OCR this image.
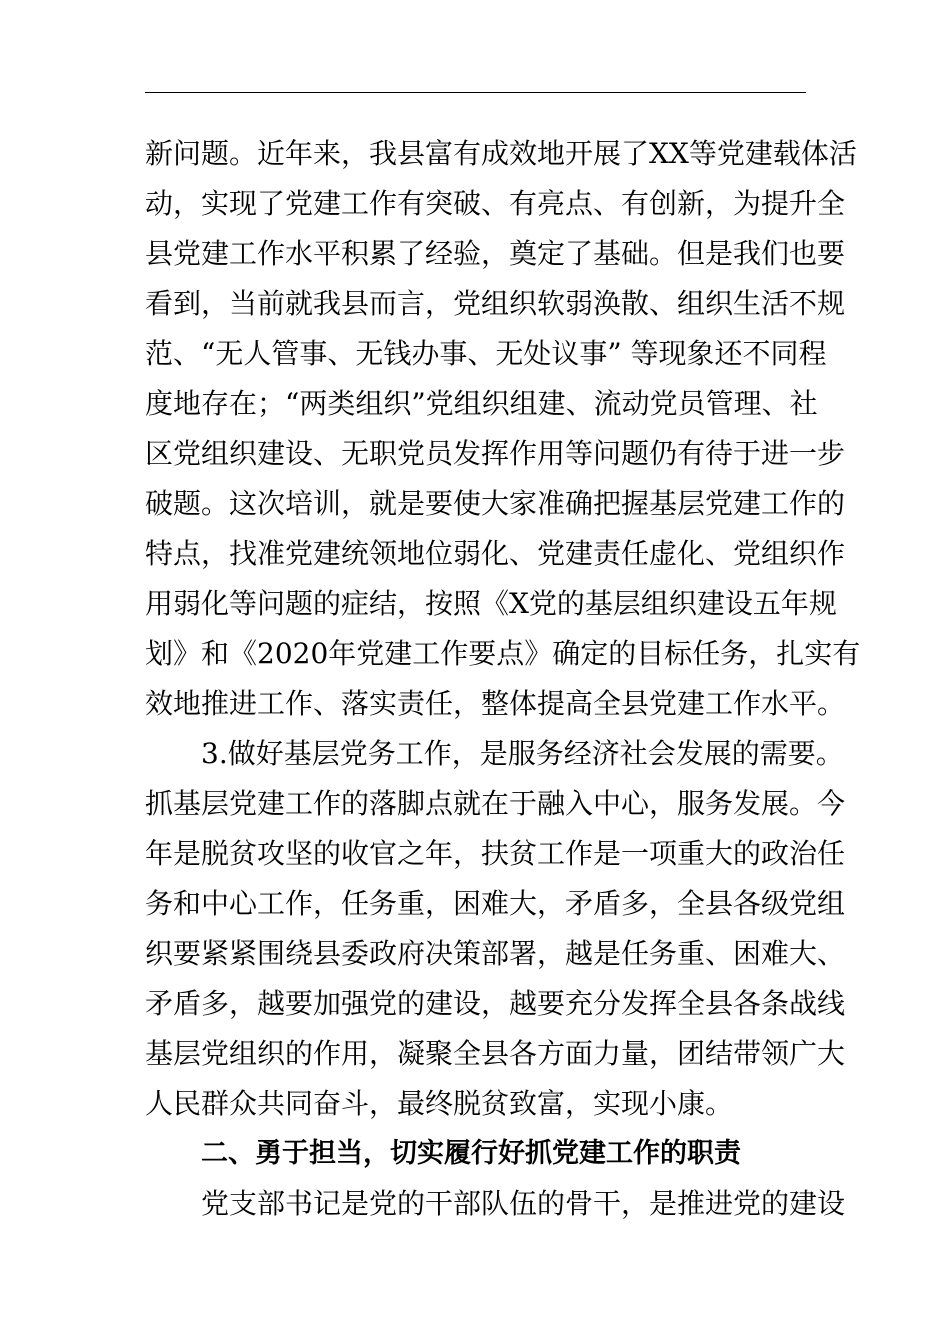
新问题。近年来，我县富有成效地开展了XX等党建载体活
动，实现了党建工作有突破、有亮点、有创新，为提升全
县党建工作水平积累了经验，奠定了基础。但是我们也要
看到，当前就我县而言，党组织软弱涣散、组织生活不规
范、“无人管事、无钱办事、无处议事” 等现象还不同程
度地存在；“两类组织”党组织组建、流动党员管理、社
区党组织建设、无职党员发挥作用等问题仍有待于进一步
破题。这次培训，就是要使大家准确把握基层党建工作的
特点，找准党建统领地位弱化、党建责任虚化、党组织作
用弱化等问题的症结，按照《X党的基层组织建设五年规
划》和《2020年党建工作要点》确定的目标任务，扎实有
效地推进工作、落实责任，整体提高全县党建工作水平。
3.做好基层党务工作，是服务经济社会发展的需要。
抓基层党建工作的落脚点就在于融入中心，服务发展。今
年是脱贫攻坚的收官之年，扶贫工作是一项重大的政治任
务和中心工作，任务重，困难大，矛盾多，全县各级党组
织要紧紧围绕县委政府决策部署，越是任务重、困难大、
矛盾多，越要加强党的建设，越要充分发挥全县各条战线
基层党组织的作用，凝聚全县各方面力量，团结带领广大
人民群众共同奋斗，最终脱贫致富，实现小康。
二、勇于担当，切实履行好抓党建工作的职责
党支部书记是党的干部队伍的骨干，是推进党的建设
